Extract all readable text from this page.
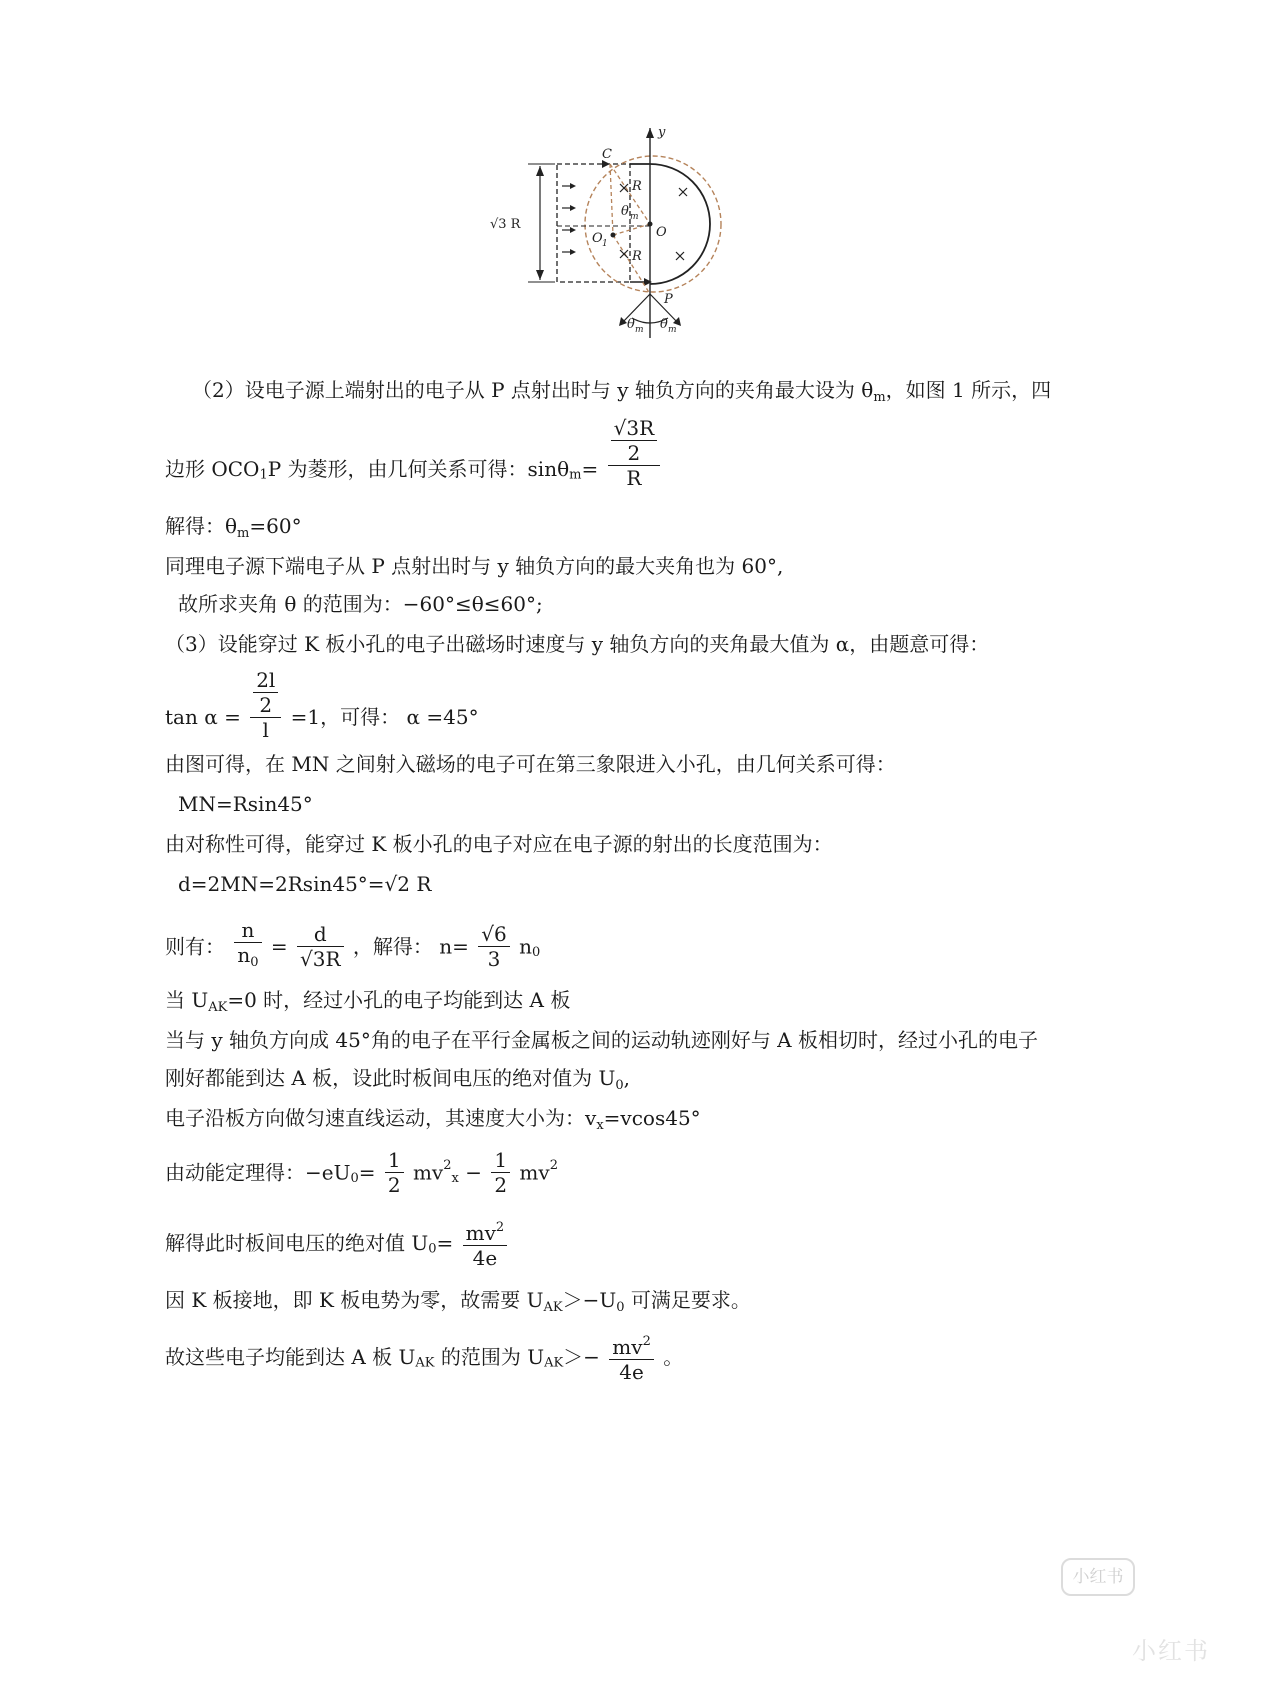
C
R
R
θ m
O 1
O
P
y
√3 R
θ m θ m
（2）设电子源上端射出的电子从 P 点射出时与 y 轴负方向的夹角最大设为 $\theta_m$，如图 1 所示，四
边形 $OCO_1P$ 为菱形，由几何关系可得：$\sin\theta_m= \frac{\frac{√3R}{2}}{R}$
解得：$\theta_m=60^\circ$
同理电子源下端电子从 P 点射出时与 y 轴负方向的最大夹角也为 60°,
故所求夹角 θ 的范围为：−60°≤θ≤60°;
（3）设能穿过 K 板小孔的电子出磁场时速度与 y 轴负方向的夹角最大值为 α，由题意可得：
$\tan \alpha = \frac{\frac{2l}{2}}{l} =1$，可得： α =45°
由图可得，在 MN 之间射入磁场的电子可在第三象限进入小孔，由几何关系可得：
MN=Rsin45°
由对称性可得，能穿过 K 板小孔的电子对应在电子源的射出的长度范围为：
d=2MN=2Rsin45°=√2 R
则有： $\frac{n}{n_0} = \frac{d}{√3R}$ ，解得： $n= \frac{√6}{3} n_0$
当 $U_{AK}=0$ 时，经过小孔的电子均能到达 A 板
当与 y 轴负方向成 45°角的电子在平行金属板之间的运动轨迹刚好与 A 板相切时，经过小孔的电子
刚好都能到达 A 板，设此时板间电压的绝对值为 $U_0$,
电子沿板方向做匀速直线运动，其速度大小为：$v_x=vcos45^\circ$
由动能定理得：$-eU_0= \frac{1}{2} mv^2_x - \frac{1}{2} mv^2$
解得此时板间电压的绝对值 $U_0= \frac{mv^2}{4e}$
因 K 板接地，即 K 板电势为零，故需要 $U_{AK}>-U_0$ 可满足要求。
故这些电子均能到达 A 板 $U_{AK}$ 的范围为 $U_{AK}>- \frac{mv^2}{4e}$ 。
小红书
小红书
